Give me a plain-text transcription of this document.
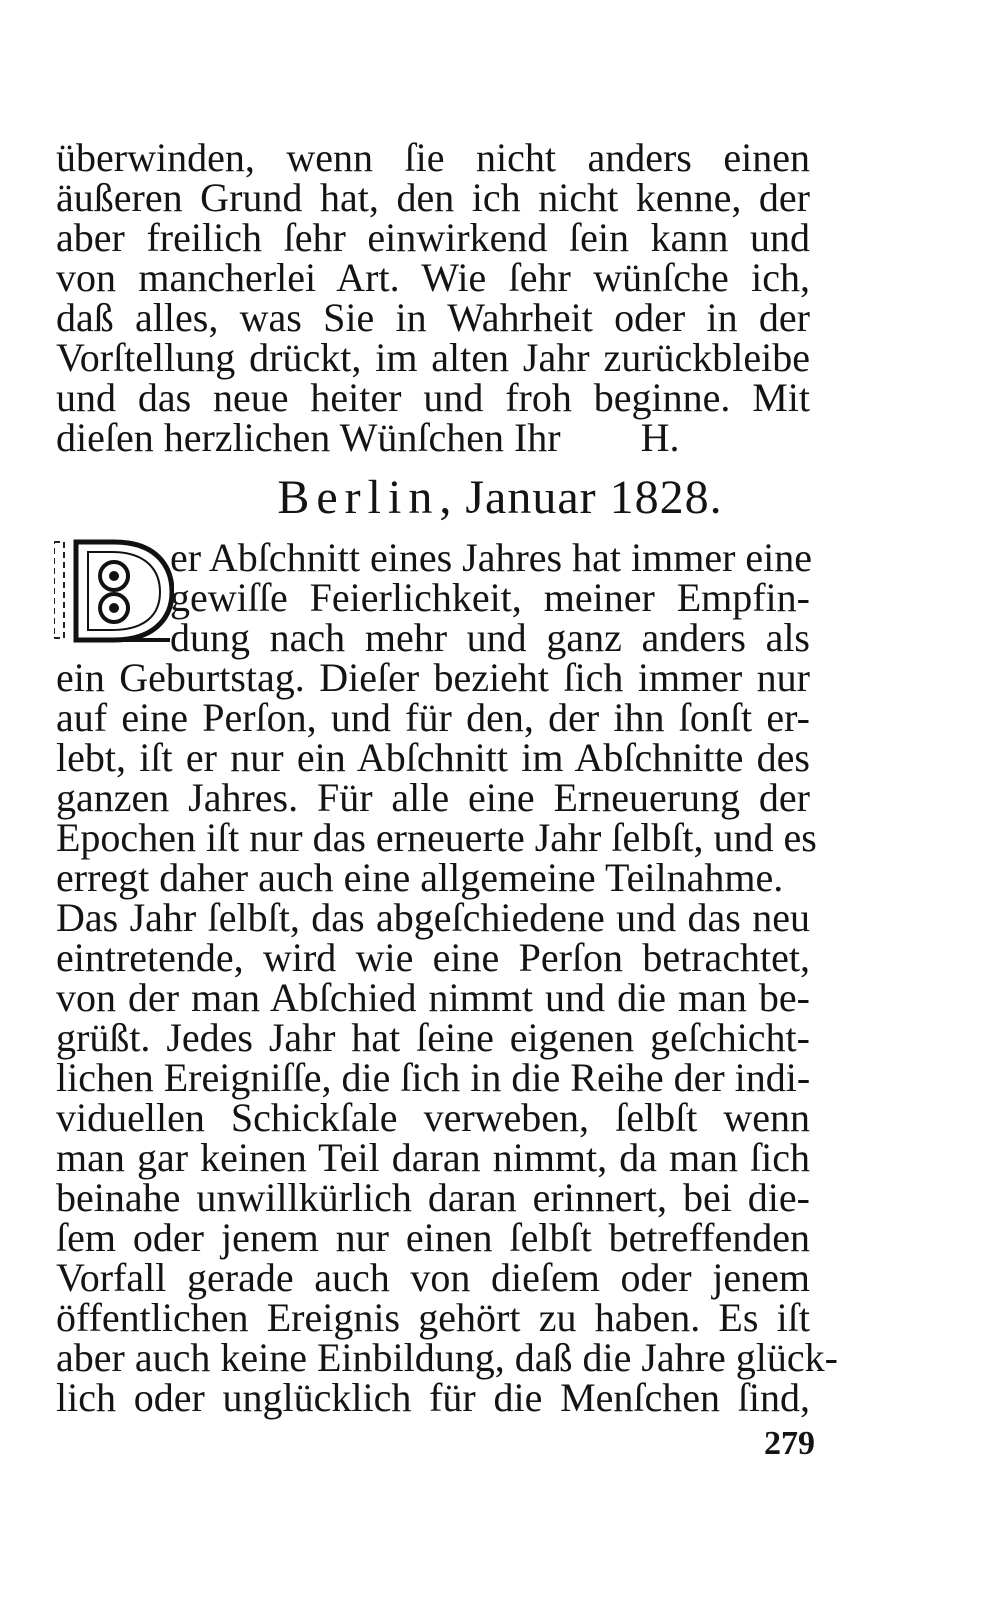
überwinden, wenn ſie nicht anders einen
äußeren Grund hat, den ich nicht kenne, der
aber freilich ſehr einwirkend ſein kann und
von mancherlei Art. Wie ſehr wünſche ich,
daß alles, was Sie in Wahrheit oder in der
Vorſtellung drückt, im alten Jahr zurückbleibe
und das neue heiter und froh beginne. Mit
dieſen herzlichen Wünſchen Ihr        H.
Berlin, Januar 1828.
er Abſchnitt eines Jahres hat immer eine
gewiſſe Feierlichkeit, meiner Empfin-
dung nach mehr und ganz anders als
ein Geburtstag. Dieſer bezieht ſich immer nur
auf eine Perſon, und für den, der ihn ſonſt er-
lebt, iſt er nur ein Abſchnitt im Abſchnitte des
ganzen Jahres. Für alle eine Erneuerung der
Epochen iſt nur das erneuerte Jahr ſelbſt, und es
erregt daher auch eine allgemeine Teilnahme.
Das Jahr ſelbſt, das abgeſchiedene und das neu
eintretende, wird wie eine Perſon betrachtet,
von der man Abſchied nimmt und die man be-
grüßt. Jedes Jahr hat ſeine eigenen geſchicht-
lichen Ereigniſſe, die ſich in die Reihe der indi-
viduellen Schickſale verweben, ſelbſt wenn
man gar keinen Teil daran nimmt, da man ſich
beinahe unwillkürlich daran erinnert, bei die-
ſem oder jenem nur einen ſelbſt betreffenden
Vorfall gerade auch von dieſem oder jenem
öffentlichen Ereignis gehört zu haben. Es iſt
aber auch keine Einbildung, daß die Jahre glück-
lich oder unglücklich für die Menſchen ſind,
279
